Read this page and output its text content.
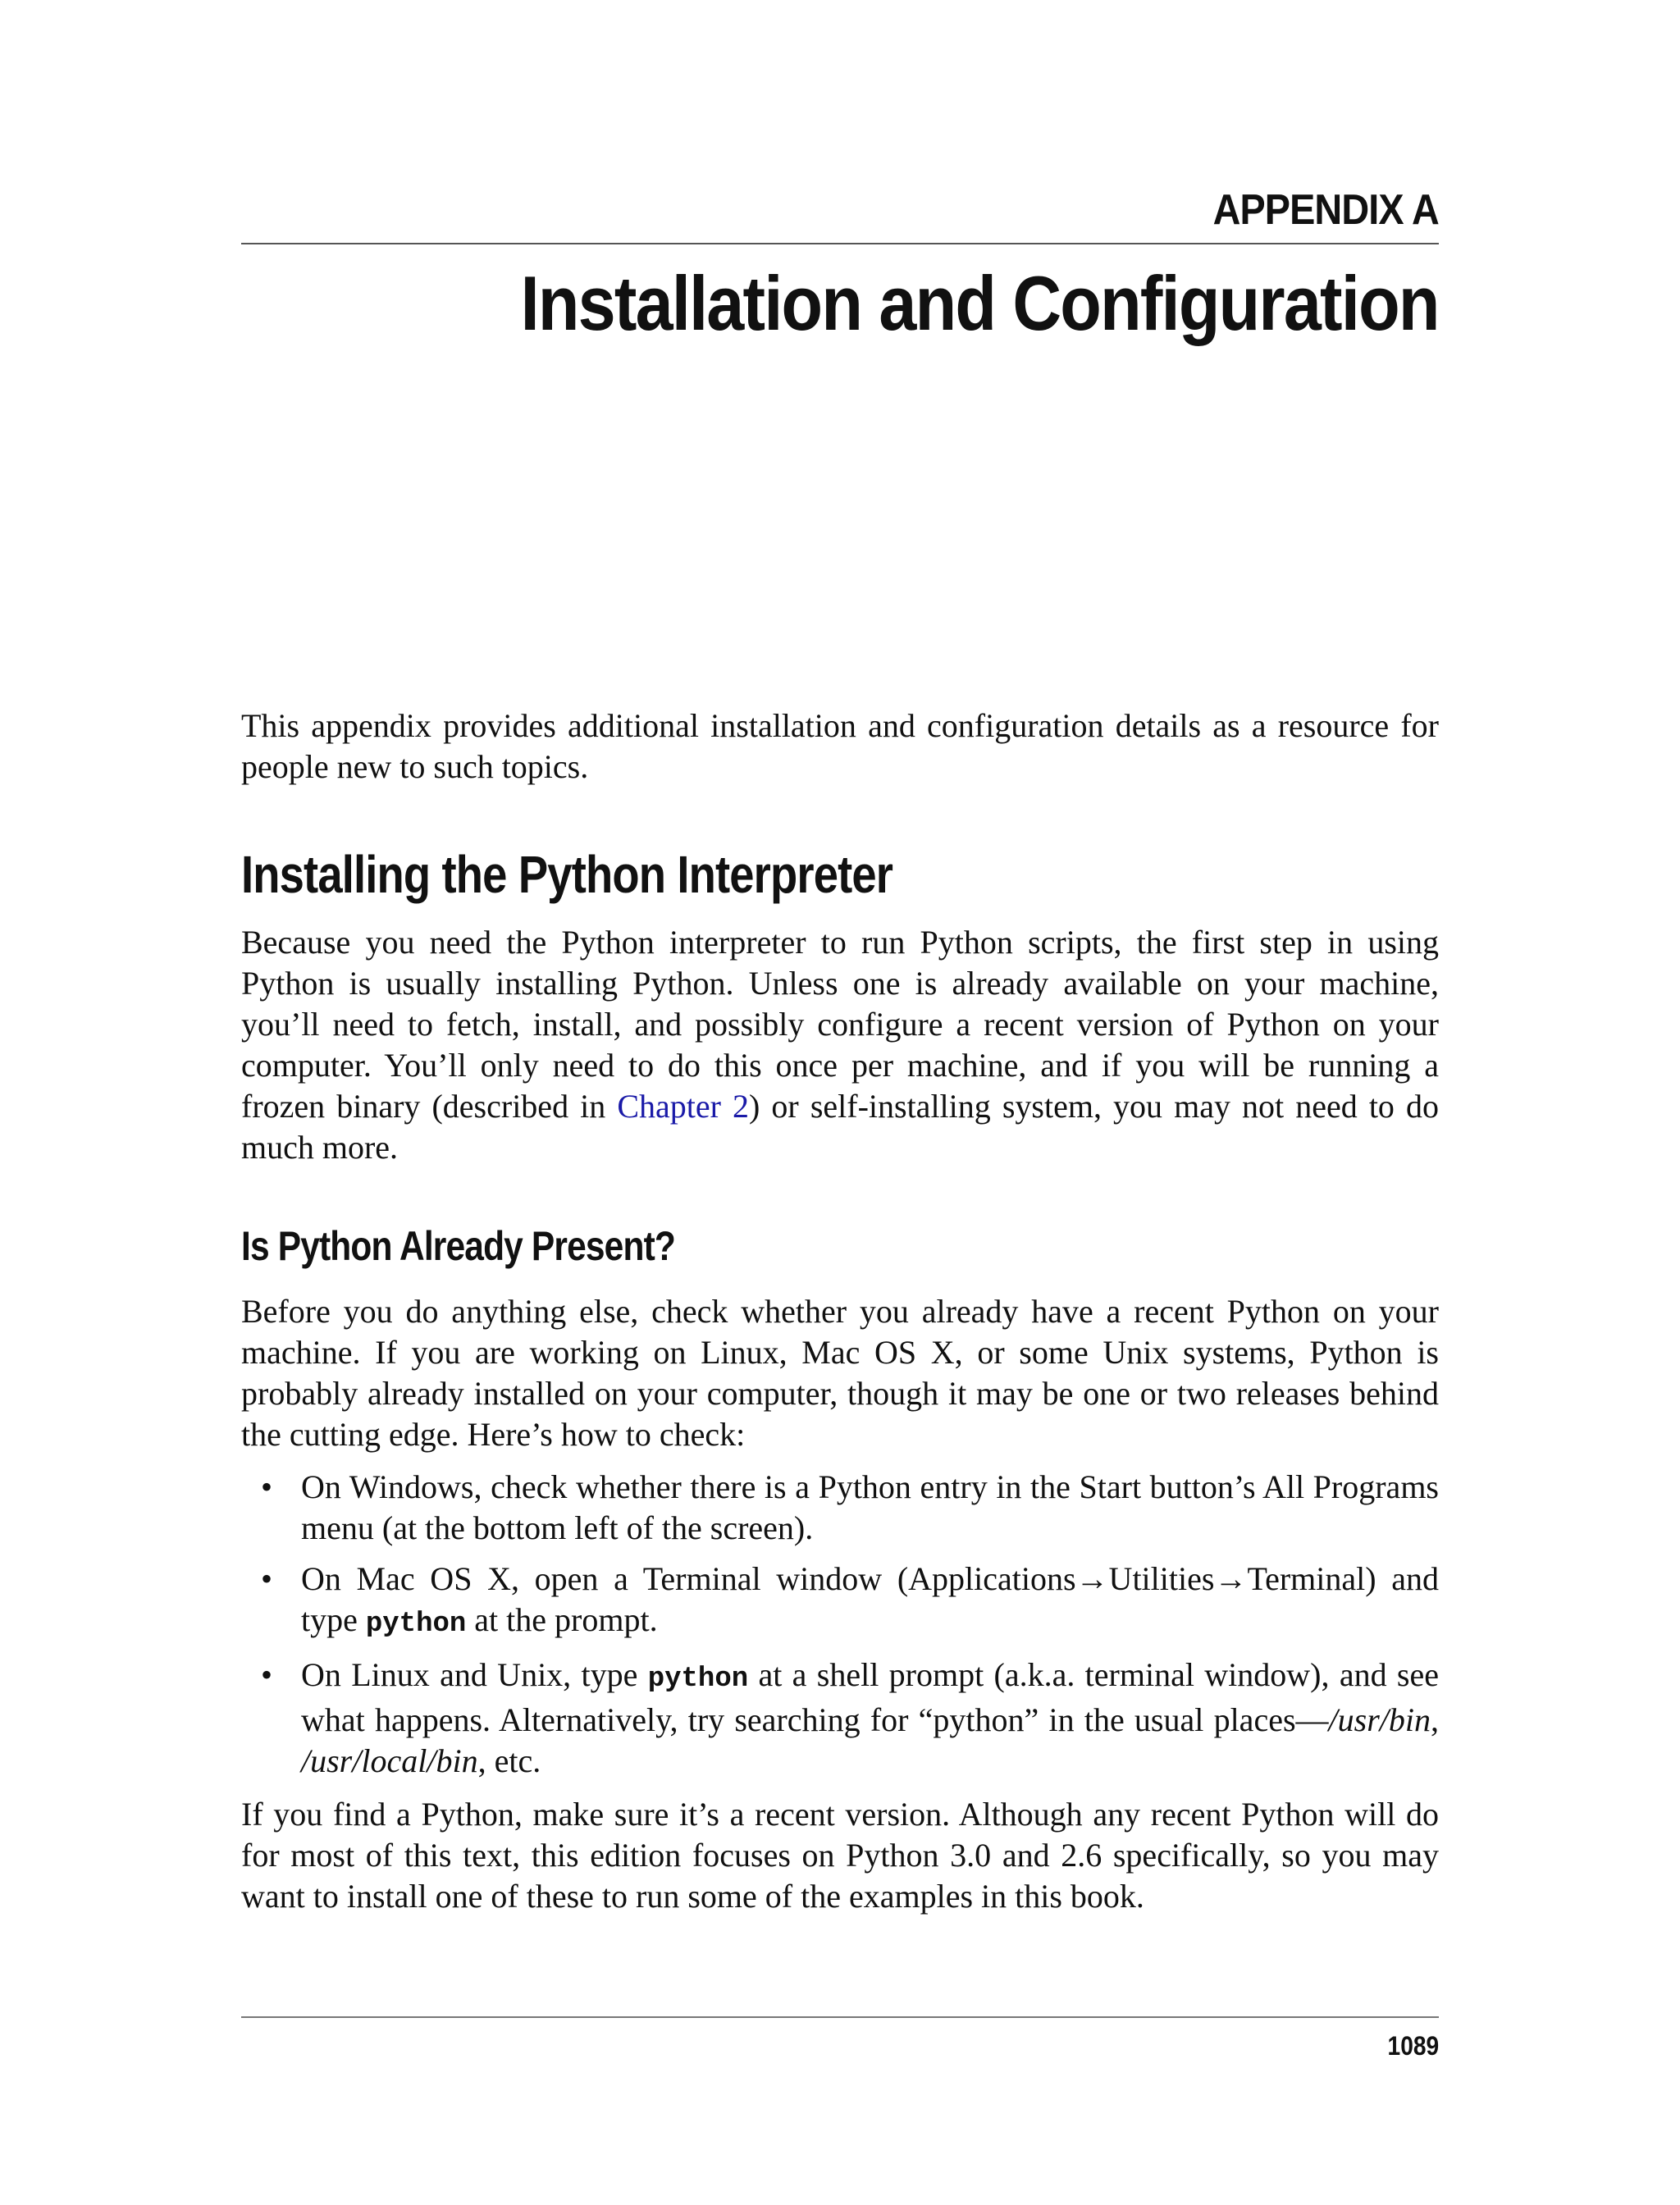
APPENDIX A
Installation and Configuration

This appendix provides additional installation and configuration details as a resource for people new to such topics.

Installing the Python Interpreter

Because you need the Python interpreter to run Python scripts, the first step in using Python is usually installing Python. Unless one is already available on your machine, you’ll need to fetch, install, and possibly configure a recent version of Python on your computer. You’ll only need to do this once per machine, and if you will be running a frozen binary (described in Chapter 2) or self-installing system, you may not need to do much more.

Is Python Already Present?

Before you do anything else, check whether you already have a recent Python on your machine. If you are working on Linux, Mac OS X, or some Unix systems, Python is probably already installed on your computer, though it may be one or two releases behind the cutting edge. Here’s how to check:

• On Windows, check whether there is a Python entry in the Start button’s All Programs menu (at the bottom left of the screen).
• On Mac OS X, open a Terminal window (Applications→Utilities→Terminal) and type python at the prompt.
• On Linux and Unix, type python at a shell prompt (a.k.a. terminal window), and see what happens. Alternatively, try searching for “python” in the usual places—/usr/bin, /usr/local/bin, etc.

If you find a Python, make sure it’s a recent version. Although any recent Python will do for most of this text, this edition focuses on Python 3.0 and 2.6 specifically, so you may want to install one of these to run some of the examples in this book.

1089
